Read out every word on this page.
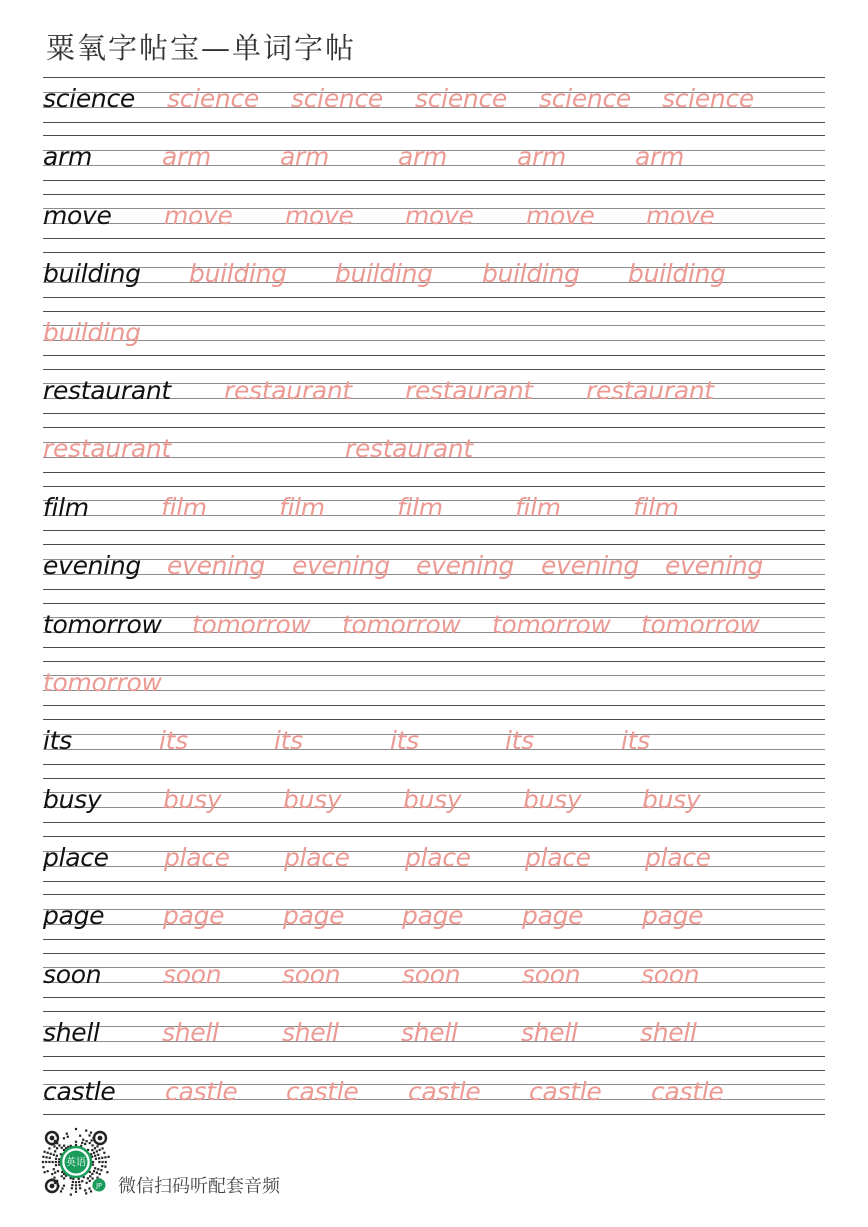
粟氧字帖宝—单词字帖
science science science science science science
arm	arm	arm	arm	arm	arm
move move move move move move
building building building building building
building
restaurant restaurant restaurant restaurant
restaurant	restaurant
film	film	film	film	film	film
evening evening evening evening evening evening
tomorrow tomorrow tomorrow tomorrow tomorrow
tomorrow
its	its	its	its	its	its
busy busy busy busy busy busy
place place place place place place
page page page page page page
soon soon soon soon soon soon
shell shell	shell shell	shell shell
castle castle castle castle castle castle
英语
JP 微信扫码听配套音频
